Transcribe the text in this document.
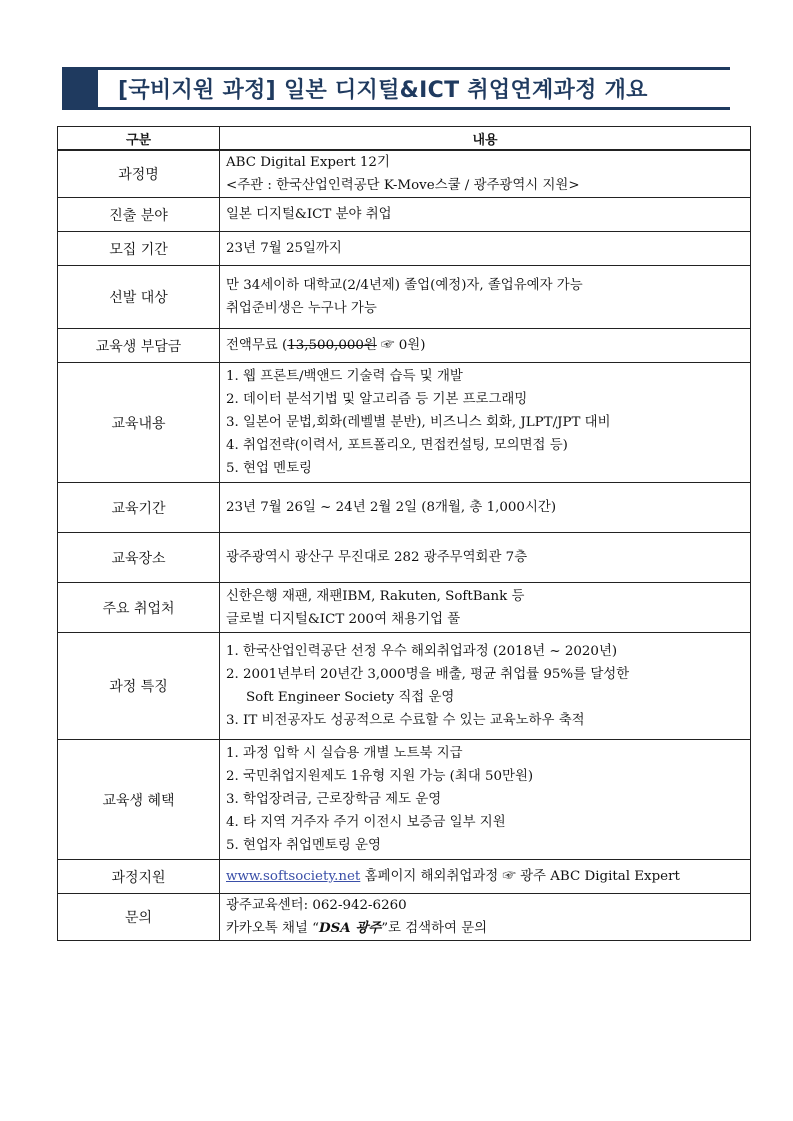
[국비지원 과정] 일본 디지털&ICT 취업연계과정 개요
구분	내용
과정명	ABC Digital Expert 12기
<주관 : 한국산업인력공단 K-Move스쿨 / 광주광역시 지원>

진출 분야	일본 디지털&ICT 분야 취업

모집 기간	23년 7월 25일까지

선발 대상	만 34세이하 대학교(2/4년제) 졸업(예정)자, 졸업유예자 가능
취업준비생은 누구나 가능

교육생 부담금	전액무료 (13,500,000원 ☞ 0원)

교육내용	1. 웹 프론트/백앤드 기술력 습득 및 개발
2. 데이터 분석기법 및 알고리즘 등 기본 프로그래밍
3. 일본어 문법,회화(레벨별 분반), 비즈니스 회화, JLPT/JPT 대비
4. 취업전략(이력서, 포트폴리오, 면접컨설팅, 모의면접 등)
5. 현업 멘토링

교육기간	23년 7월 26일 ~ 24년 2월 2일 (8개월, 총 1,000시간)

교육장소	광주광역시 광산구 무진대로 282 광주무역회관 7층

주요 취업처	신한은행 재팬, 재팬IBM, Rakuten, SoftBank 등
글로벌 디지털&ICT 200여 채용기업 풀

과정 특징	1. 한국산업인력공단 선정 우수 해외취업과정 (2018년 ~ 2020년)
2. 2001년부터 20년간 3,000명을 배출, 평균 취업률 95%를 달성한
Soft Engineer Society 직접 운영
3. IT 비전공자도 성공적으로 수료할 수 있는 교육노하우 축적

교육생 혜택	1. 과정 입학 시 실습용 개별 노트북 지급
2. 국민취업지원제도 1유형 지원 가능 (최대 50만원)
3. 학업장려금, 근로장학금 제도 운영
4. 타 지역 거주자 주거 이전시 보증금 일부 지원
5. 현업자 취업멘토링 운영

과정지원	www.softsociety.net 홈페이지 해외취업과정 ☞ 광주 ABC Digital Expert

문의	광주교육센터: 062-942-6260
카카오톡 채널 “DSA 광주”로 검색하여 문의
